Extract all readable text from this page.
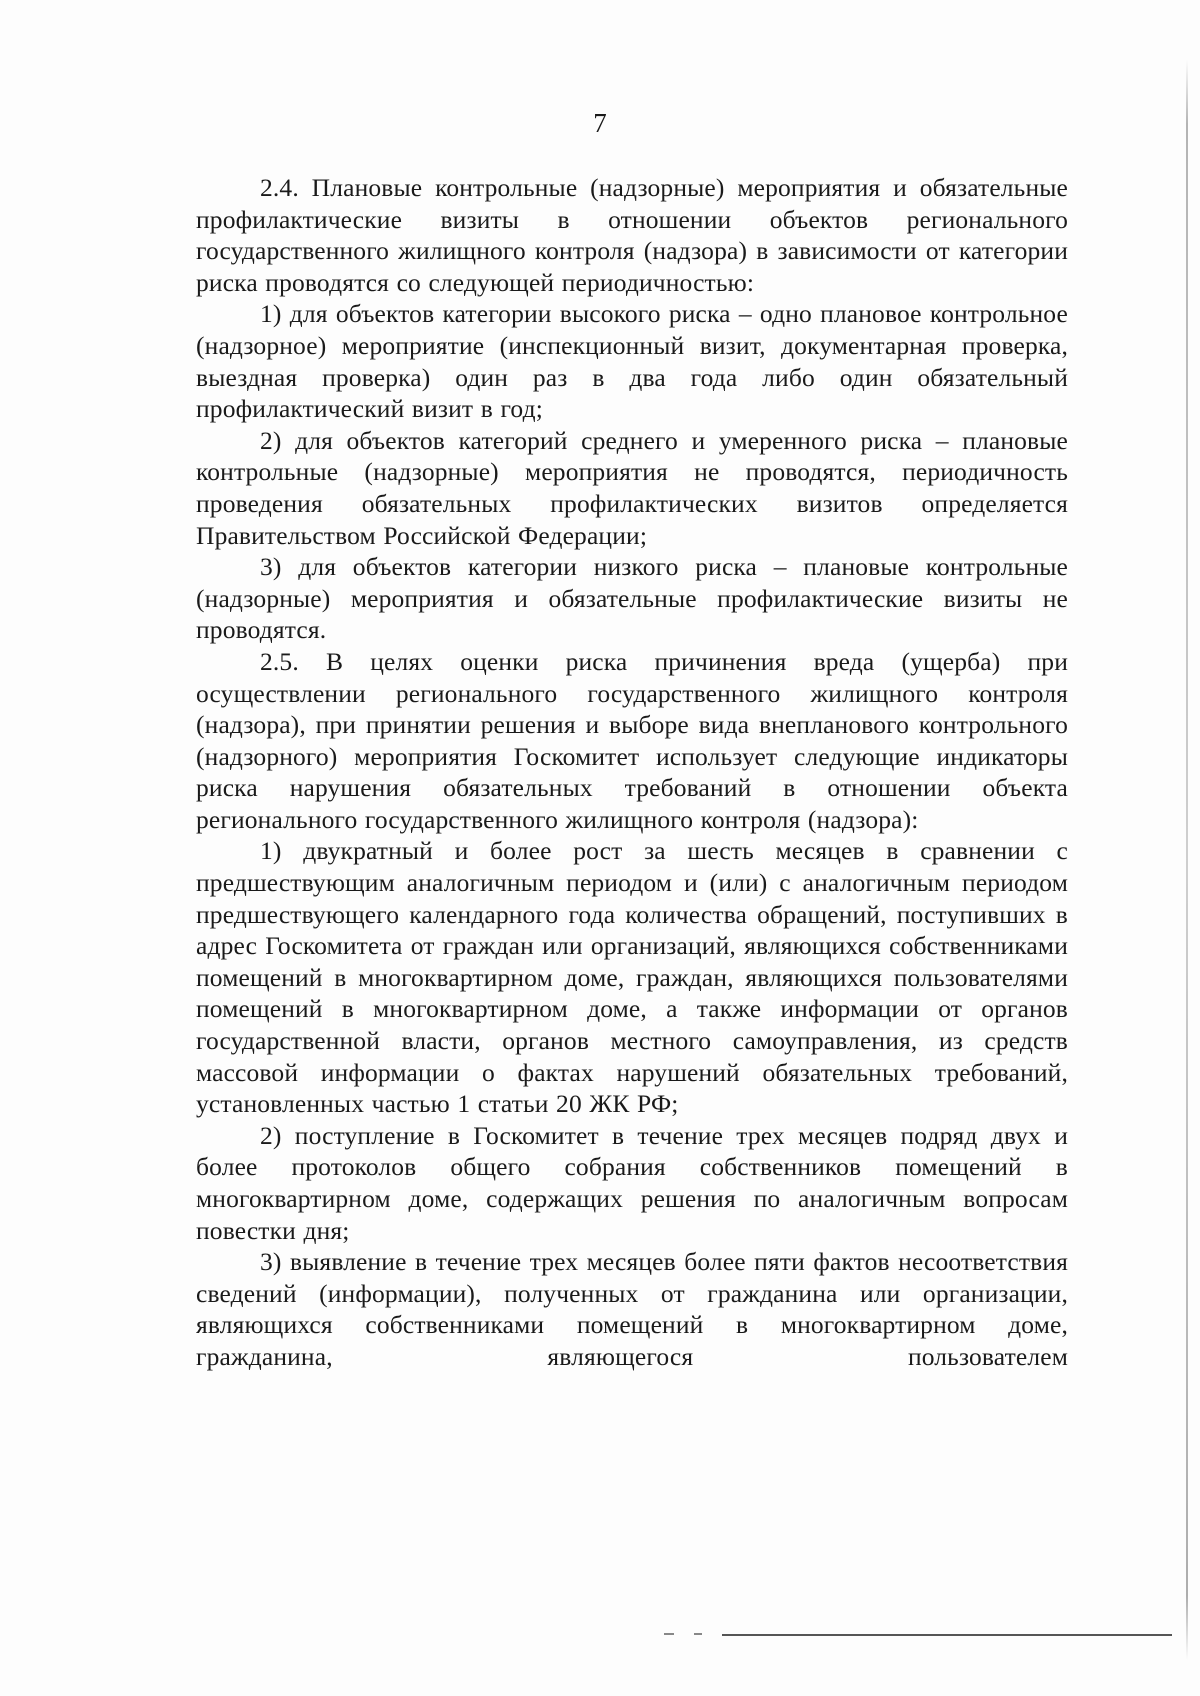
7

2.4. Плановые контрольные (надзорные) мероприятия и обязательные профилактические визиты в отношении объектов регионального государственного жилищного контроля (надзора) в зависимости от категории риска проводятся со следующей периодичностью:

1) для объектов категории высокого риска – одно плановое контрольное (надзорное) мероприятие (инспекционный визит, документарная проверка, выездная проверка) один раз в два года либо один обязательный профилактический визит в год;

2) для объектов категорий среднего и умеренного риска – плановые контрольные (надзорные) мероприятия не проводятся, периодичность проведения обязательных профилактических визитов определяется Правительством Российской Федерации;

3) для объектов категории низкого риска – плановые контрольные (надзорные) мероприятия и обязательные профилактические визиты не проводятся.

2.5. В целях оценки риска причинения вреда (ущерба) при осуществлении регионального государственного жилищного контроля (надзора), при принятии решения и выборе вида внепланового контрольного (надзорного) мероприятия Госкомитет использует следующие индикаторы риска нарушения обязательных требований в отношении объекта регионального государственного жилищного контроля (надзора):

1) двукратный и более рост за шесть месяцев в сравнении с предшествующим аналогичным периодом и (или) с аналогичным периодом предшествующего календарного года количества обращений, поступивших в адрес Госкомитета от граждан или организаций, являющихся собственниками помещений в многоквартирном доме, граждан, являющихся пользователями помещений в многоквартирном доме, а также информации от органов государственной власти, органов местного самоуправления, из средств массовой информации о фактах нарушений обязательных требований, установленных частью 1 статьи 20 ЖК РФ;

2) поступление в Госкомитет в течение трех месяцев подряд двух и более протоколов общего собрания собственников помещений в многоквартирном доме, содержащих решения по аналогичным вопросам повестки дня;

3) выявление в течение трех месяцев более пяти фактов несоответствия сведений (информации), полученных от гражданина или организации, являющихся собственниками помещений в многоквартирном доме, гражданина, являющегося пользователем
